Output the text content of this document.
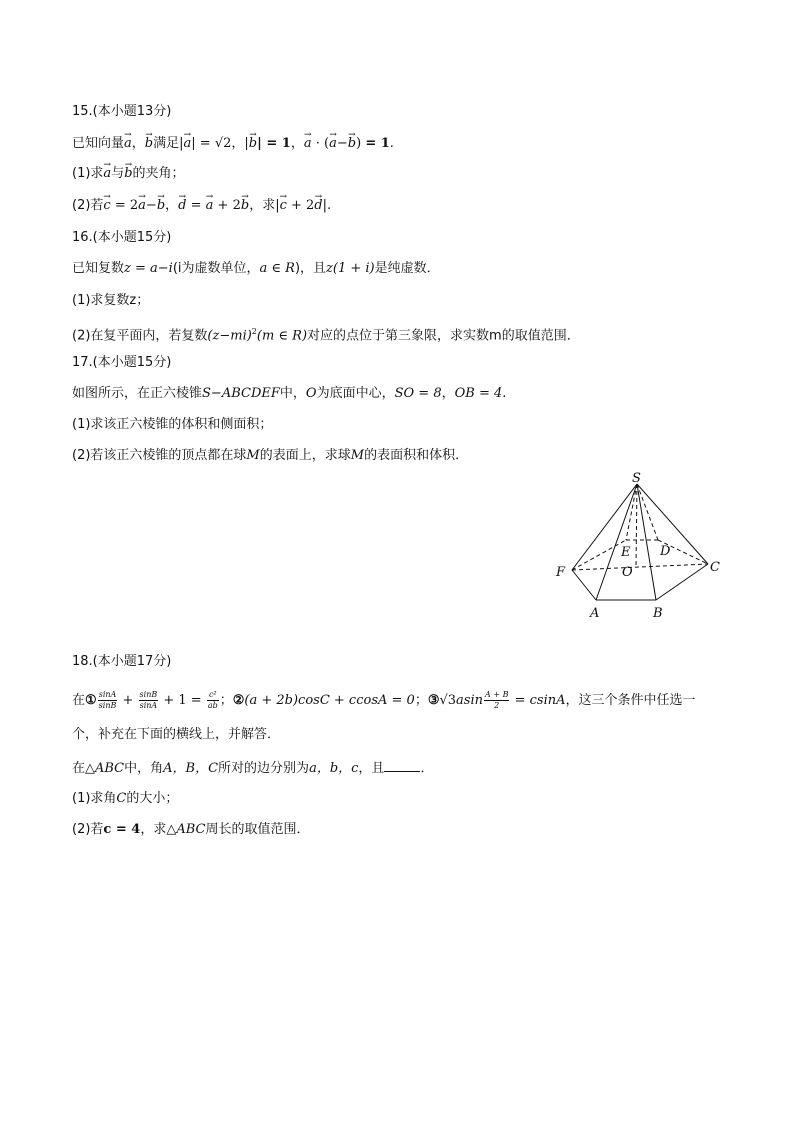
15.(本小题13分)
已知向量→ a，→ b满足|→ a| = √2，|→ b| = 1，→ a · (→ a−→ b) = 1.
(1)求→ a与→ b的夹角；
(2)若→ c = 2→ a−→ b，→ d = → a + 2→ b，求|→ c + 2→ d|.
16.(本小题15分)
已知复数z = a−i(i为虚数单位，a ∈ R)，且z(1 + i)是纯虚数．
(1)求复数z；
(2)在复平面内，若复数$(z-mi)^2(m$ ∈ R)对应的点位于第三象限，求实数m的取值范围．
17.(本小题15分)
如图所示，在正六棱锥S−ABCDEF中，O为底面中心，SO = 8，OB = 4.
(1)求该正六棱锥的体积和侧面积；
(2)若该正六棱锥的顶点都在球M的表面上，求球M的表面积和体积．
S
E D
O
F	C
A	B
18.(本小题17分)
在① $\frac{\sin A}{\sin B} + \frac{\sin B}{\sin A} + 1 = \frac{\text{c²}}{ab}$ ；②(a + 2b)cosC + ccosA = 0；③√3asin $\frac{A + B}{2} = csinA$，这三个条件中任选一
个，补充在下面的横线上，并解答．
在△ABC中，角A，B，C所对的边分别为a，b，c，且	．
(1)求角C的大小；
(2)若c = 4，求△ABC周长的取值范围．
